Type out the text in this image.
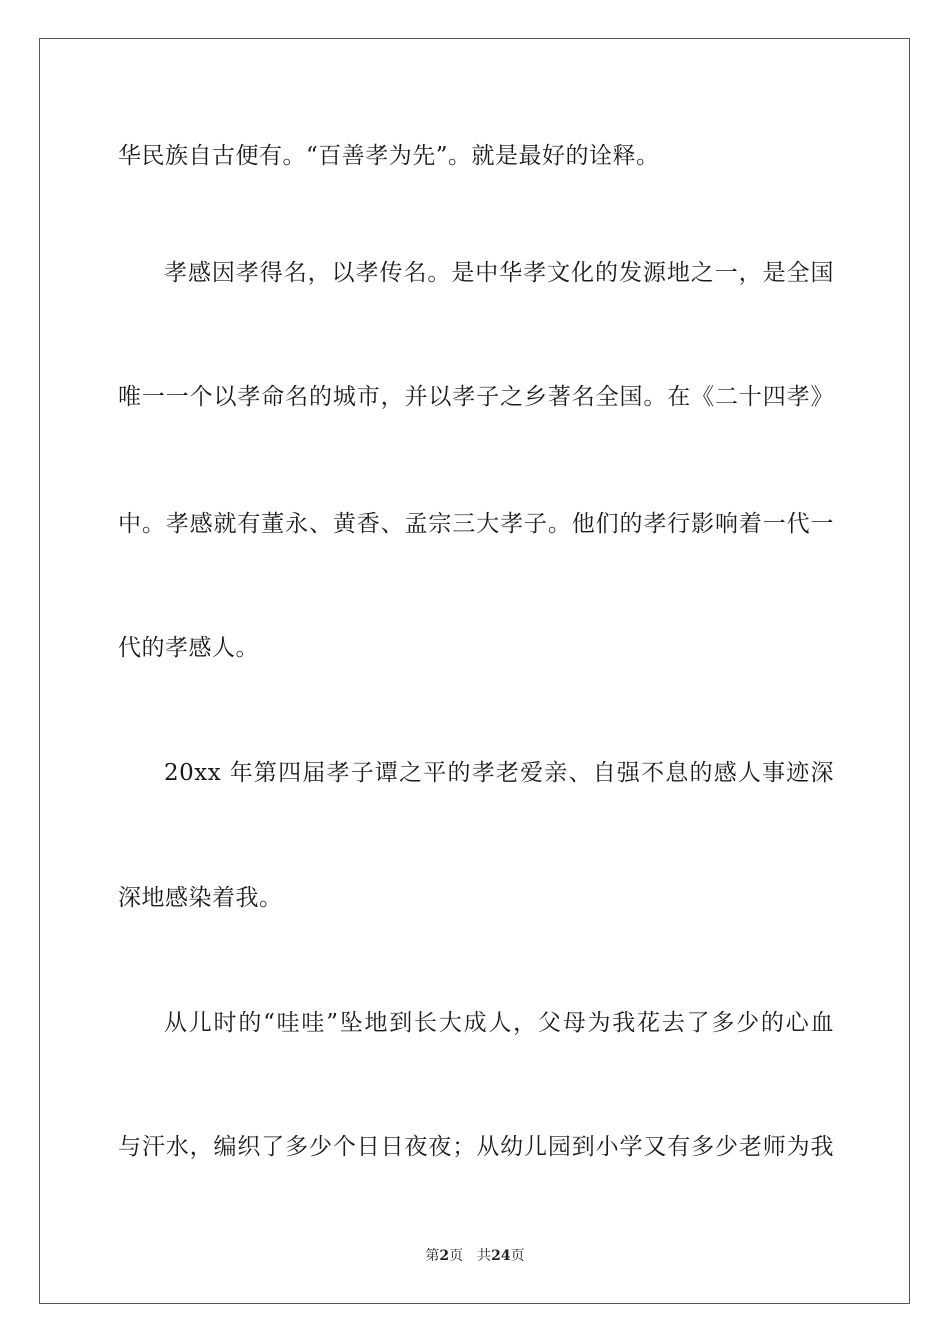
华民族自古便有。“百善孝为先”。就是最好的诠释。
孝感因孝得名，以孝传名。是中华孝文化的发源地之一，是全国
唯一一个以孝命名的城市，并以孝子之乡著名全国。在《二十四孝》
中。孝感就有董永、黄香、孟宗三大孝子。他们的孝行影响着一代一
代的孝感人。
20xx 年第四届孝子谭之平的孝老爱亲、自强不息的感人事迹深
深地感染着我。
从儿时的“哇哇”坠地到长大成人，父母为我花去了多少的心血
与汗水，编织了多少个日日夜夜；从幼儿园到小学又有多少老师为我
第2页 共24页
